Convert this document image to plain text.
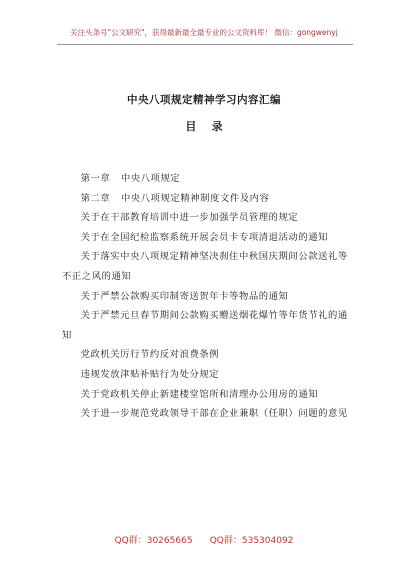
关注头条号"公文研究"，获得最新最全最专业的公文资料库！ 微信：gongwenyj
中央八项规定精神学习内容汇编
目    录

第一章   中央八项规定

第二章   中央八项规定精神制度文件及内容

关于在干部教育培训中进一步加强学员管理的规定

关于在全国纪检监察系统开展会员卡专项清退活动的通知

关于落实中央八项规定精神坚决刹住中秋国庆期间公款送礼等不正之风的通知

关于严禁公款购买印制寄送贺年卡等物品的通知

关于严禁元旦春节期间公款购买赠送烟花爆竹等年货节礼的通知

党政机关厉行节约反对浪费条例

违规发放津贴补贴行为处分规定

关于党政机关停止新建楼堂馆所和清理办公用房的通知

关于进一步规范党政领导干部在企业兼职（任职）问题的意见

QQ群：30265665      QQ群：535304092
